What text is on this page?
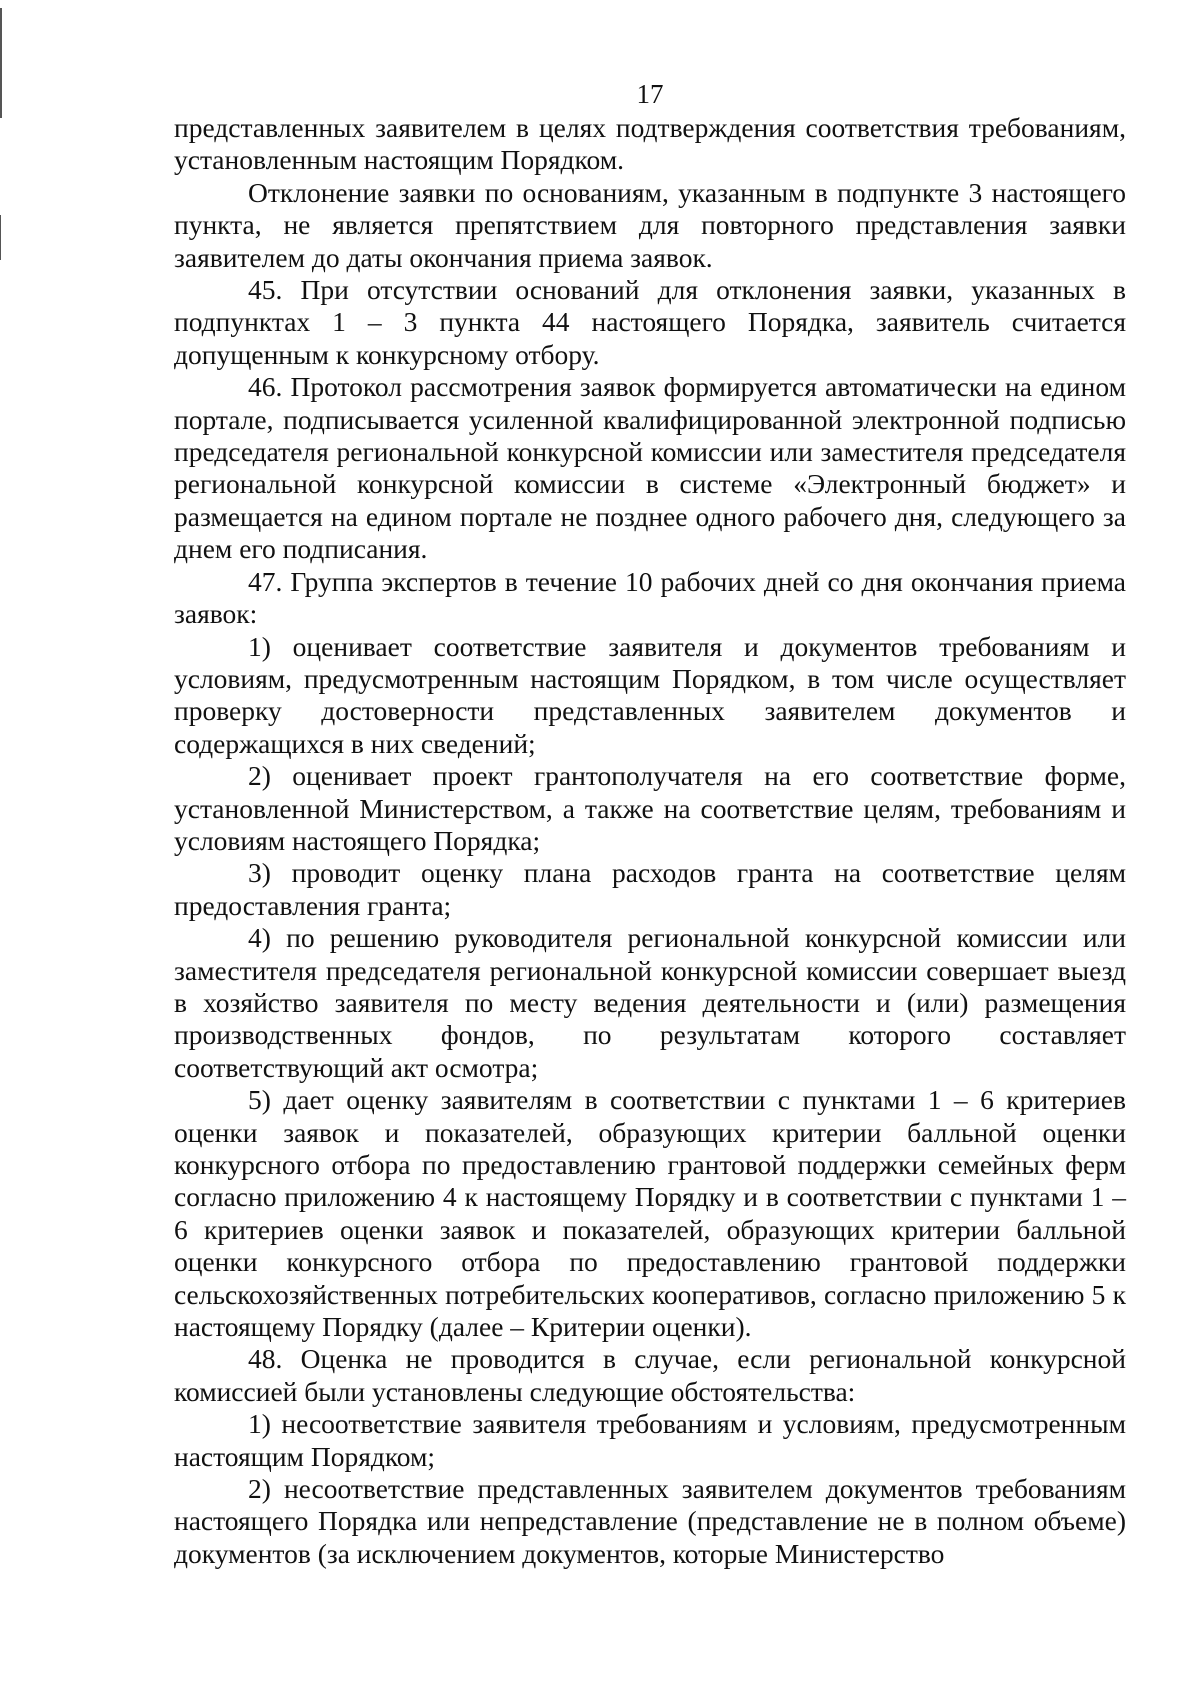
17

представленных заявителем в целях подтверждения соответствия требованиям, установленным настоящим Порядком.

Отклонение заявки по основаниям, указанным в подпункте 3 настоящего пункта, не является препятствием для повторного представления заявки заявителем до даты окончания приема заявок.

45. При отсутствии оснований для отклонения заявки, указанных в подпунктах 1 – 3 пункта 44 настоящего Порядка, заявитель считается допущенным к конкурсному отбору.

46. Протокол рассмотрения заявок формируется автоматически на едином портале, подписывается усиленной квалифицированной электронной подписью председателя региональной конкурсной комиссии или заместителя председателя региональной конкурсной комиссии в системе «Электронный бюджет» и размещается на едином портале не позднее одного рабочего дня, следующего за днем его подписания.

47. Группа экспертов в течение 10 рабочих дней со дня окончания приема заявок:

1) оценивает соответствие заявителя и документов требованиям и условиям, предусмотренным настоящим Порядком, в том числе осуществляет проверку достоверности представленных заявителем документов и содержащихся в них сведений;

2) оценивает проект грантополучателя на его соответствие форме, установленной Министерством, а также на соответствие целям, требованиям и условиям настоящего Порядка;

3) проводит оценку плана расходов гранта на соответствие целям предоставления гранта;

4) по решению руководителя региональной конкурсной комиссии или заместителя председателя региональной конкурсной комиссии совершает выезд в хозяйство заявителя по месту ведения деятельности и (или) размещения производственных фондов, по результатам которого составляет соответствующий акт осмотра;

5) дает оценку заявителям в соответствии с пунктами 1 – 6 критериев оценки заявок и показателей, образующих критерии балльной оценки конкурсного отбора по предоставлению грантовой поддержки семейных ферм согласно приложению 4 к настоящему Порядку и в соответствии с пунктами 1 – 6 критериев оценки заявок и показателей, образующих критерии балльной оценки конкурсного отбора по предоставлению грантовой поддержки сельскохозяйственных потребительских кооперативов, согласно приложению 5 к настоящему Порядку (далее – Критерии оценки).

48. Оценка не проводится в случае, если региональной конкурсной комиссией были установлены следующие обстоятельства:

1) несоответствие заявителя требованиям и условиям, предусмотренным настоящим Порядком;

2) несоответствие представленных заявителем документов требованиям настоящего Порядка или непредставление (представление не в полном объеме) документов (за исключением документов, которые Министерство
